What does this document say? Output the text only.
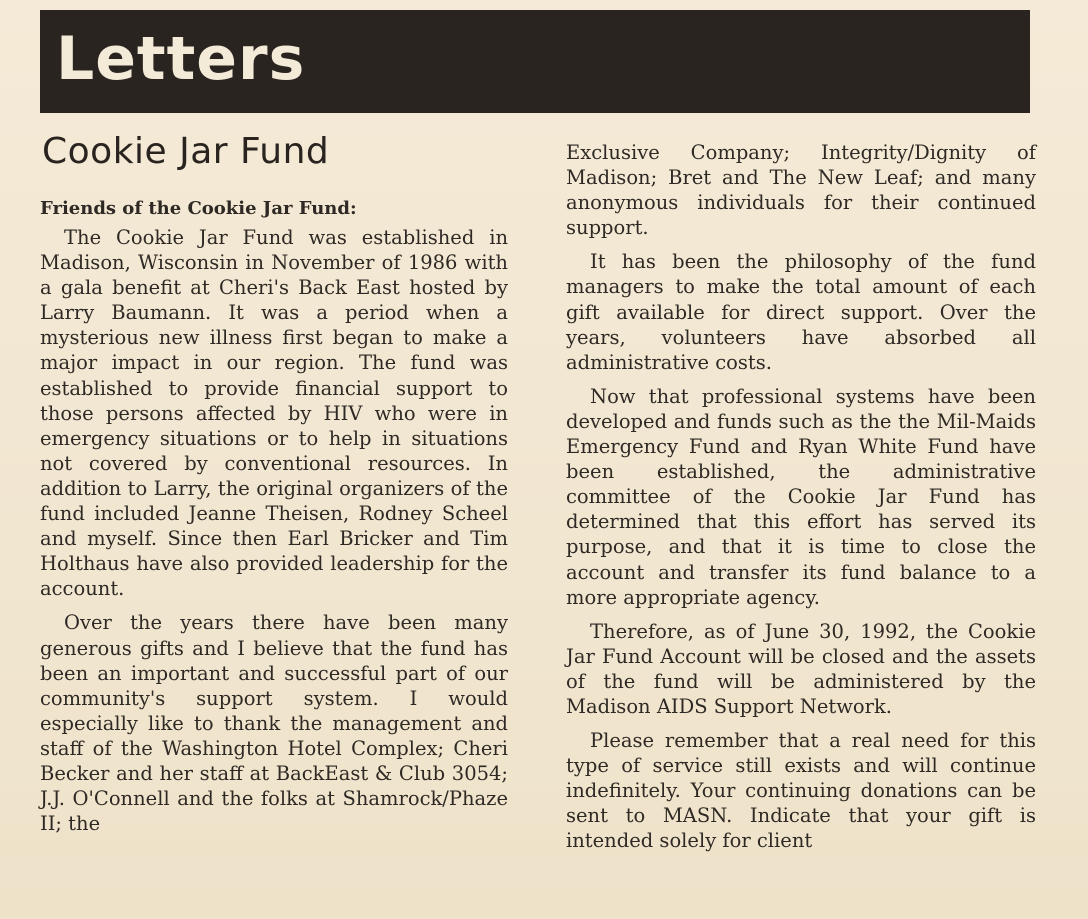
Letters
Cookie Jar Fund

Friends of the Cookie Jar Fund:

The Cookie Jar Fund was established in Madison, Wisconsin in November of 1986 with a gala benefit at Cheri's Back East hosted by Larry Baumann. It was a period when a mysterious new illness first began to make a major impact in our region. The fund was established to provide financial support to those persons affected by HIV who were in emergency situations or to help in situations not covered by conventional resources. In addition to Larry, the original organizers of the fund included Jeanne Theisen, Rodney Scheel and myself. Since then Earl Bricker and Tim Holthaus have also provided leadership for the account.

Over the years there have been many generous gifts and I believe that the fund has been an important and successful part of our community's support system. I would especially like to thank the management and staff of the Washington Hotel Complex; Cheri Becker and her staff at BackEast & Club 3054; J.J. O'Connell and the folks at Shamrock/Phaze II; the

Exclusive Company; Integrity/Dignity of Madison; Bret and The New Leaf; and many anonymous individuals for their continued support.

It has been the philosophy of the fund managers to make the total amount of each gift available for direct support. Over the years, volunteers have absorbed all administrative costs.

Now that professional systems have been developed and funds such as the the Mil-Maids Emergency Fund and Ryan White Fund have been established, the administrative committee of the Cookie Jar Fund has determined that this effort has served its purpose, and that it is time to close the account and transfer its fund balance to a more appropriate agency.

Therefore, as of June 30, 1992, the Cookie Jar Fund Account will be closed and the assets of the fund will be administered by the Madison AIDS Support Network.

Please remember that a real need for this type of service still exists and will continue indefinitely. Your continuing donations can be sent to MASN. Indicate that your gift is intended solely for client
